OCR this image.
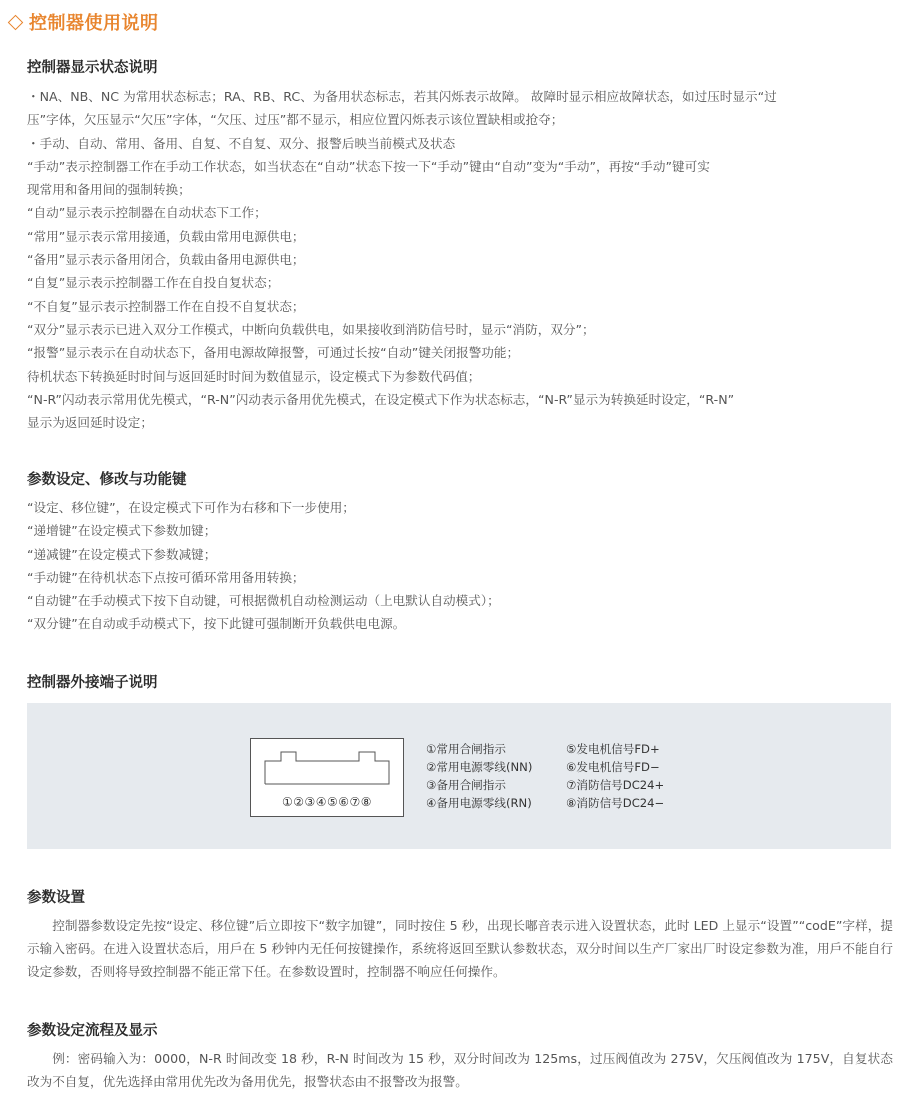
控制器使用说明
控制器显示状态说明
・NA、NB、NC 为常用状态标志；RA、RB、RC、为备用状态标志，若其闪烁表示故障。 故障时显示相应故障状态，如过压时显示“过
压”字体，欠压显示“欠压”字体，“欠压、过压”都不显示，相应位置闪烁表示该位置缺相或抢夺；
・手动、自动、常用、备用、自复、不自复、双分、报警后映当前模式及状态
“手动”表示控制器工作在手动工作状态，如当状态在“自动”状态下按一下“手动”键由“自动”变为“手动”，再按“手动”键可实
现常用和备用间的强制转换；
“自动”显示表示控制器在自动状态下工作；
“常用”显示表示常用接通，负载由常用电源供电；
“备用”显示表示备用闭合，负载由备用电源供电；
“自复”显示表示控制器工作在自投自复状态；
“不自复”显示表示控制器工作在自投不自复状态；
“双分”显示表示已进入双分工作模式，中断向负载供电，如果接收到消防信号时，显示“消防，双分”；
“报警”显示表示在自动状态下，备用电源故障报警，可通过长按“自动”键关闭报警功能；
待机状态下转换延时时间与返回延时时间为数值显示，设定模式下为参数代码值；
“N-R”闪动表示常用优先模式，“R-N”闪动表示备用优先模式，在设定模式下作为状态标志，“N-R”显示为转换延时设定，“R-N”
显示为返回延时设定；
参数设定、修改与功能键
“设定、移位键”，在设定模式下可作为右移和下一步使用；
“递增键”在设定模式下参数加键；
“递减键”在设定模式下参数减键；
“手动键”在待机状态下点按可循环常用备用转换；
“自动键”在手动模式下按下自动键，可根据微机自动检测运动（上电默认自动模式）；
“双分键”在自动或手动模式下，按下此键可强制断开负载供电电源。
控制器外接端子说明
①②③④⑤⑥⑦⑧
①常用合闸指示
②常用电源零线(NN)
③备用合闸指示
④备用电源零线(RN)
⑤发电机信号FD+
⑥发电机信号FD−
⑦消防信号DC24+
⑧消防信号DC24−
参数设置
控制器参数设定先按“设定、移位键”后立即按下“数字加键”，同时按住 5 秒，出现长嘟音表示进入设置状态，此时 LED 上显示“设置”“codE”字样，提示输入密码。在进入设置状态后，用戶在 5 秒钟内无任何按键操作，系统将返回至默认参数状态，双分时间以生产厂家出厂时设定参数为准，用戶不能自行设定参数，否则将导致控制器不能正常下任。在参数设置时，控制器不响应任何操作。
参数设定流程及显示
例：密码输入为：0000，N-R 时间改变 18 秒，R-N 时间改为 15 秒，双分时间改为 125ms，过压阀值改为 275V，欠压阀值改为 175V，自复状态改为不自复，优先选择由常用优先改为备用优先，报警状态由不报警改为报警。
